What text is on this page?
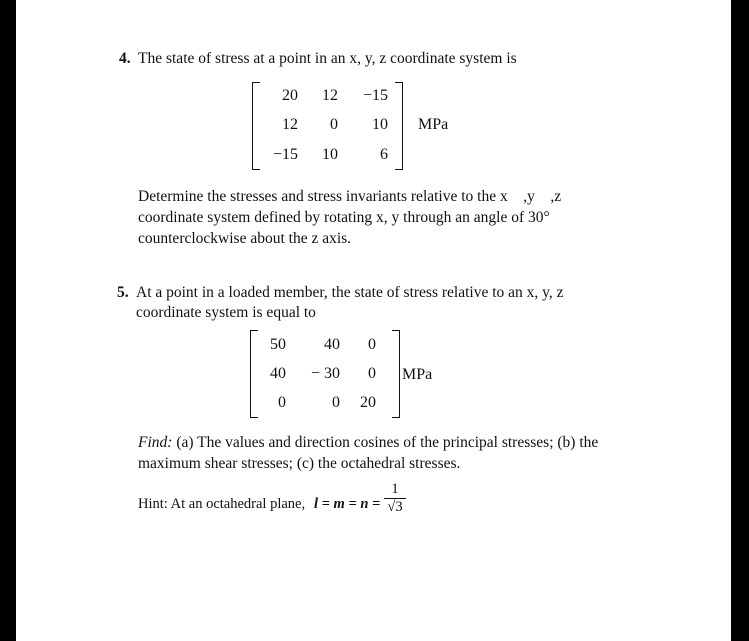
4. The state of stress at a point in an x, y, z coordinate system is
20	12	−15
12	0	10
−15	10	6
MPa
Determine the stresses and stress invariants relative to the x ,y ,z
coordinate system defined by rotating x, y through an angle of 30°
counterclockwise about the z axis.
5. At a point in a loaded member, the state of stress relative to an x, y, z
coordinate system is equal to
50	40	0
40	− 30	0
0	0	20
MPa
Find: (a) The values and direction cosines of the principal stresses; (b) the
maximum shear stresses; (c) the octahedral stresses.
Hint: At an octahedral plane, $l = m = n = \frac{1}{√3}$
